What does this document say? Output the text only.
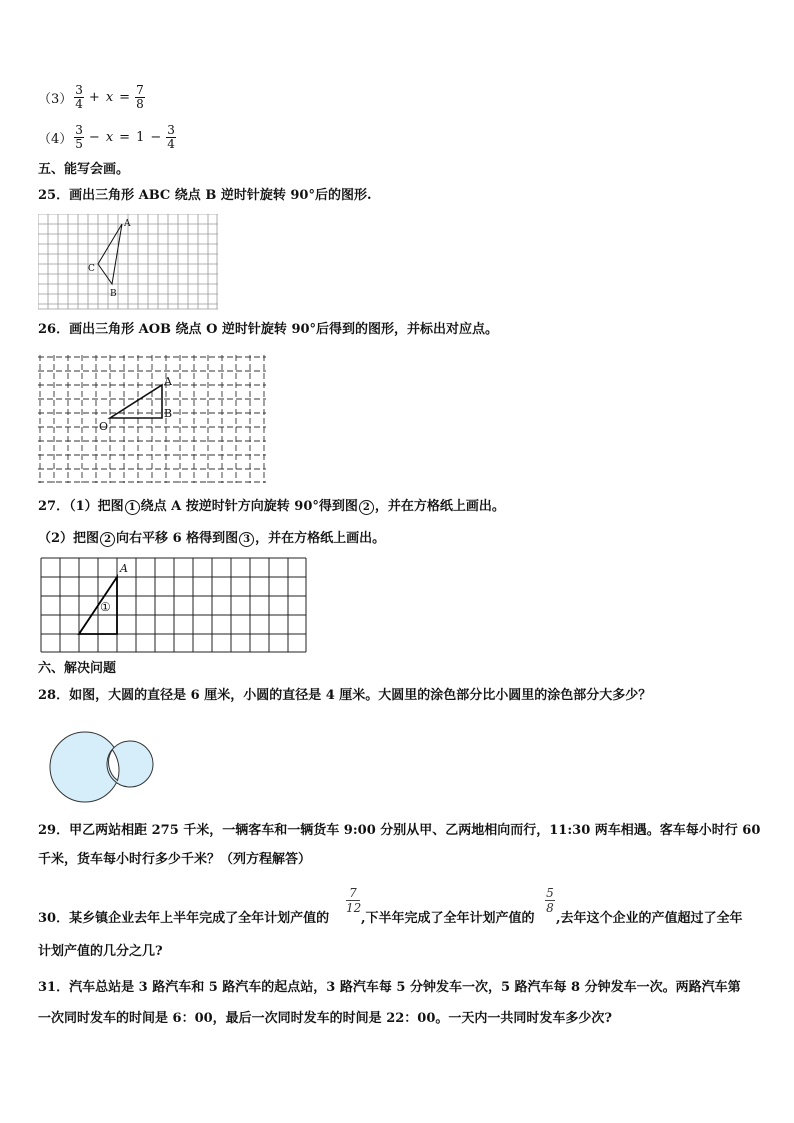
$(3) \frac{3}{4} + x = \frac{7}{8}$
$(4) \frac{3}{5} - x = 1 - \frac{3}{4}$
五、能写会画。
25．画出三角形 ABC 绕点 B 逆时针旋转 90°后的图形.
A
B
C
26．画出三角形 AOB 绕点 O 逆时针旋转 90°后得到的图形，并标出对应点。
A
B
O
27．（1）把图 1 绕点 A 按逆时针方向旋转 90°得到图 2 ，并在方格纸上画出。
（2）把图 2 向右平移 6 格得到图 3 ，并在方格纸上画出。
A
①
六、解决问题
28．如图，大圆的直径是 6 厘米，小圆的直径是 4 厘米。大圆里的涂色部分比小圆里的涂色部分大多少？
29．甲乙两站相距 275 千米，一辆客车和一辆货车 9:00 分别从甲、乙两地相向而行，11:30 两车相遇。客车每小时行 60
千米，货车每小时行多少千米？（列方程解答）
$\frac{7}{12}$	$\frac{5}{8}$
30．某乡镇企业去年上半年完成了全年计划产值的 ,下半年完成了全年计划产值的 ,去年这个企业的产值超过了全年
计划产值的几分之几?
31．汽车总站是 3 路汽车和 5 路汽车的起点站，3 路汽车每 5 分钟发车一次，5 路汽车每 8 分钟发车一次。两路汽车第
一次同时发车的时间是 6：00，最后一次同时发车的时间是 22：00。一天内一共同时发车多少次?
